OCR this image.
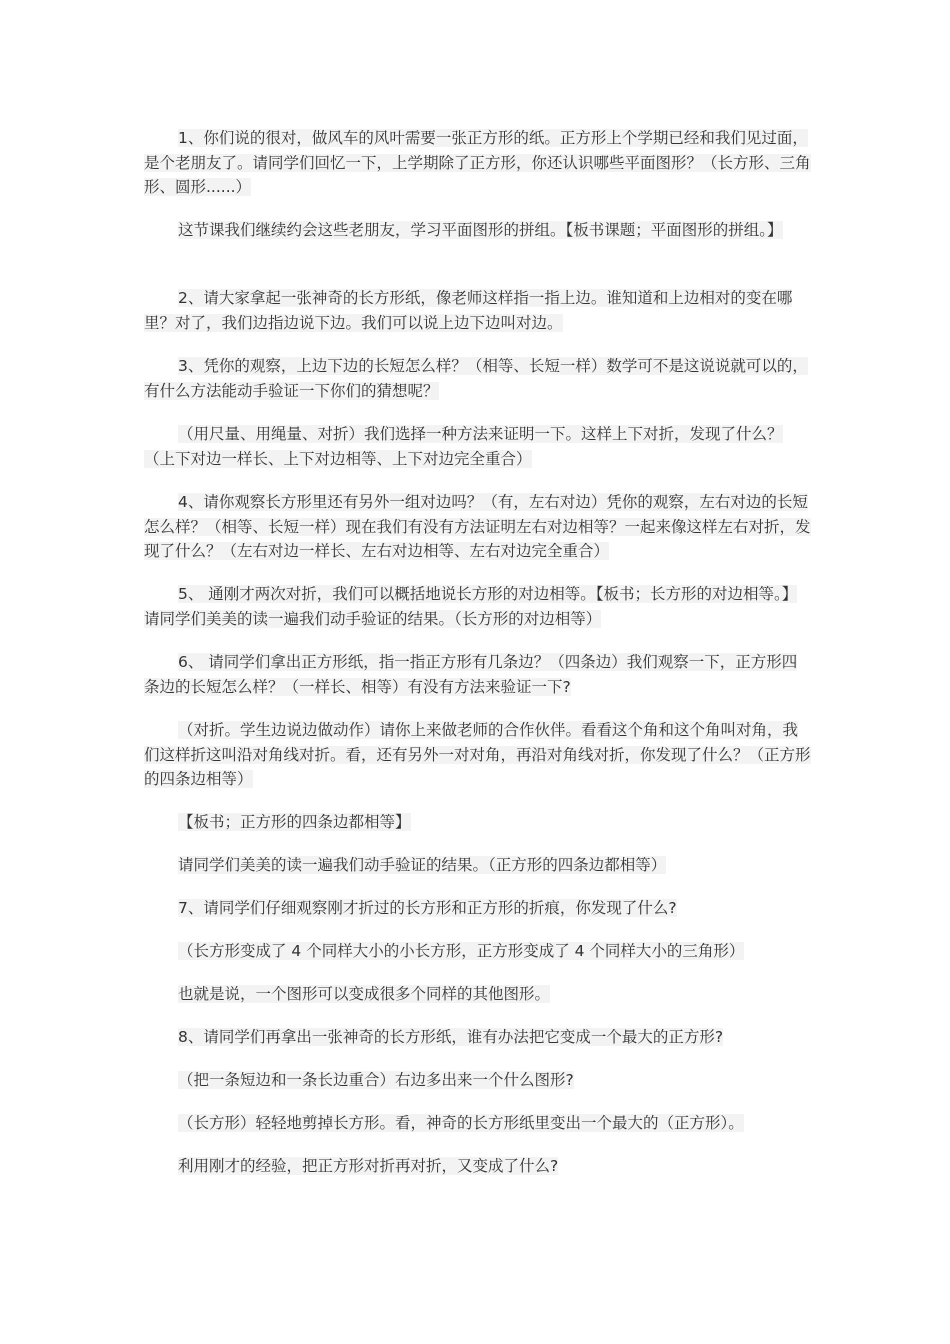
1、你们说的很对，做风车的风叶需要一张正方形的纸。正方形上个学期已经和我们见过面，是个老朋友了。请同学们回忆一下，上学期除了正方形，你还认识哪些平面图形？（长方形、三角形、圆形......）

这节课我们继续约会这些老朋友，学习平面图形的拼组。【板书课题；平面图形的拼组。】

2、请大家拿起一张神奇的长方形纸，像老师这样指一指上边。谁知道和上边相对的变在哪里？对了，我们边指边说下边。我们可以说上边下边叫对边。

3、凭你的观察，上边下边的长短怎么样？（相等、长短一样）数学可不是这说说就可以的，有什么方法能动手验证一下你们的猜想呢？

（用尺量、用绳量、对折）我们选择一种方法来证明一下。这样上下对折，发现了什么？（上下对边一样长、上下对边相等、上下对边完全重合）

4、请你观察长方形里还有另外一组对边吗？（有，左右对边）凭你的观察，左右对边的长短怎么样？（相等、长短一样）现在我们有没有方法证明左右对边相等？一起来像这样左右对折，发现了什么？（左右对边一样长、左右对边相等、左右对边完全重合）

5、 通刚才两次对折，我们可以概括地说长方形的对边相等。【板书；长方形的对边相等。】请同学们美美的读一遍我们动手验证的结果。（长方形的对边相等）

6、 请同学们拿出正方形纸，指一指正方形有几条边？（四条边）我们观察一下，正方形四条边的长短怎么样？（一样长、相等）有没有方法来验证一下?

（对折。学生边说边做动作）请你上来做老师的合作伙伴。看看这个角和这个角叫对角，我们这样折这叫沿对角线对折。看，还有另外一对对角，再沿对角线对折，你发现了什么？（正方形的四条边相等）

【板书；正方形的四条边都相等】

请同学们美美的读一遍我们动手验证的结果。（正方形的四条边都相等）

7、请同学们仔细观察刚才折过的长方形和正方形的折痕，你发现了什么?

（长方形变成了 4 个同样大小的小长方形，正方形变成了 4 个同样大小的三角形）

也就是说，一个图形可以变成很多个同样的其他图形。

8、请同学们再拿出一张神奇的长方形纸，谁有办法把它变成一个最大的正方形?

（把一条短边和一条长边重合）右边多出来一个什么图形?

（长方形）轻轻地剪掉长方形。看，神奇的长方形纸里变出一个最大的（正方形）。

利用刚才的经验，把正方形对折再对折，又变成了什么?
